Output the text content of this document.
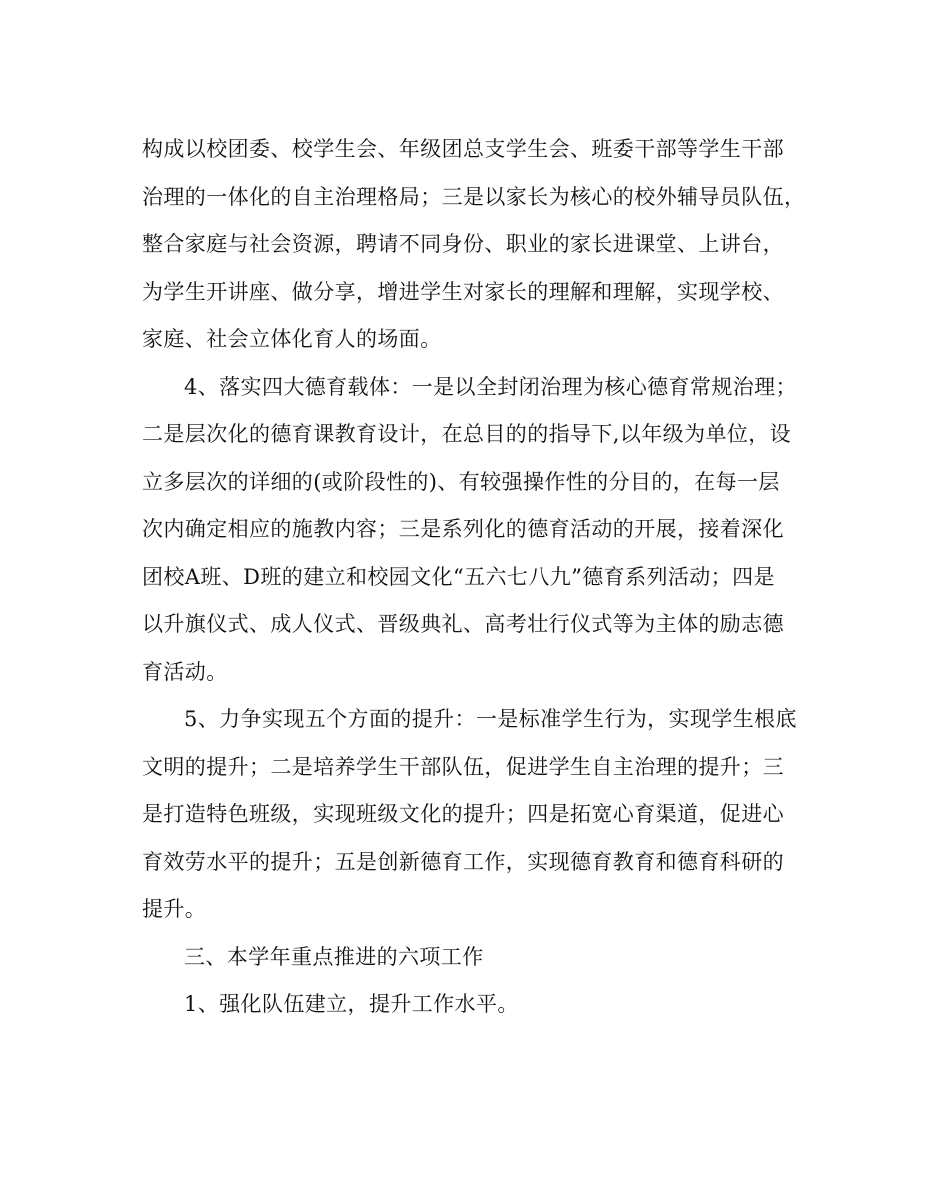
构成以校团委、校学生会、年级团总支学生会、班委干部等学生干部
治理的一体化的自主治理格局；三是以家长为核心的校外辅导员队伍，
整合家庭与社会资源，聘请不同身份、职业的家长进课堂、上讲台，
为学生开讲座、做分享，增进学生对家长的理解和理解，实现学校、
家庭、社会立体化育人的场面。
4、落实四大德育载体：一是以全封闭治理为核心德育常规治理；
二是层次化的德育课教育设计，在总目的的指导下,以年级为单位，设
立多层次的详细的(或阶段性的)、有较强操作性的分目的，在每一层
次内确定相应的施教内容；三是系列化的德育活动的开展，接着深化
团校A班、D班的建立和校园文化“五六七八九”德育系列活动；四是
以升旗仪式、成人仪式、晋级典礼、高考壮行仪式等为主体的励志德
育活动。
5、力争实现五个方面的提升：一是标准学生行为，实现学生根底
文明的提升；二是培养学生干部队伍，促进学生自主治理的提升；三
是打造特色班级，实现班级文化的提升；四是拓宽心育渠道，促进心
育效劳水平的提升；五是创新德育工作，实现德育教育和德育科研的
提升。
三、本学年重点推进的六项工作
1、强化队伍建立，提升工作水平。
